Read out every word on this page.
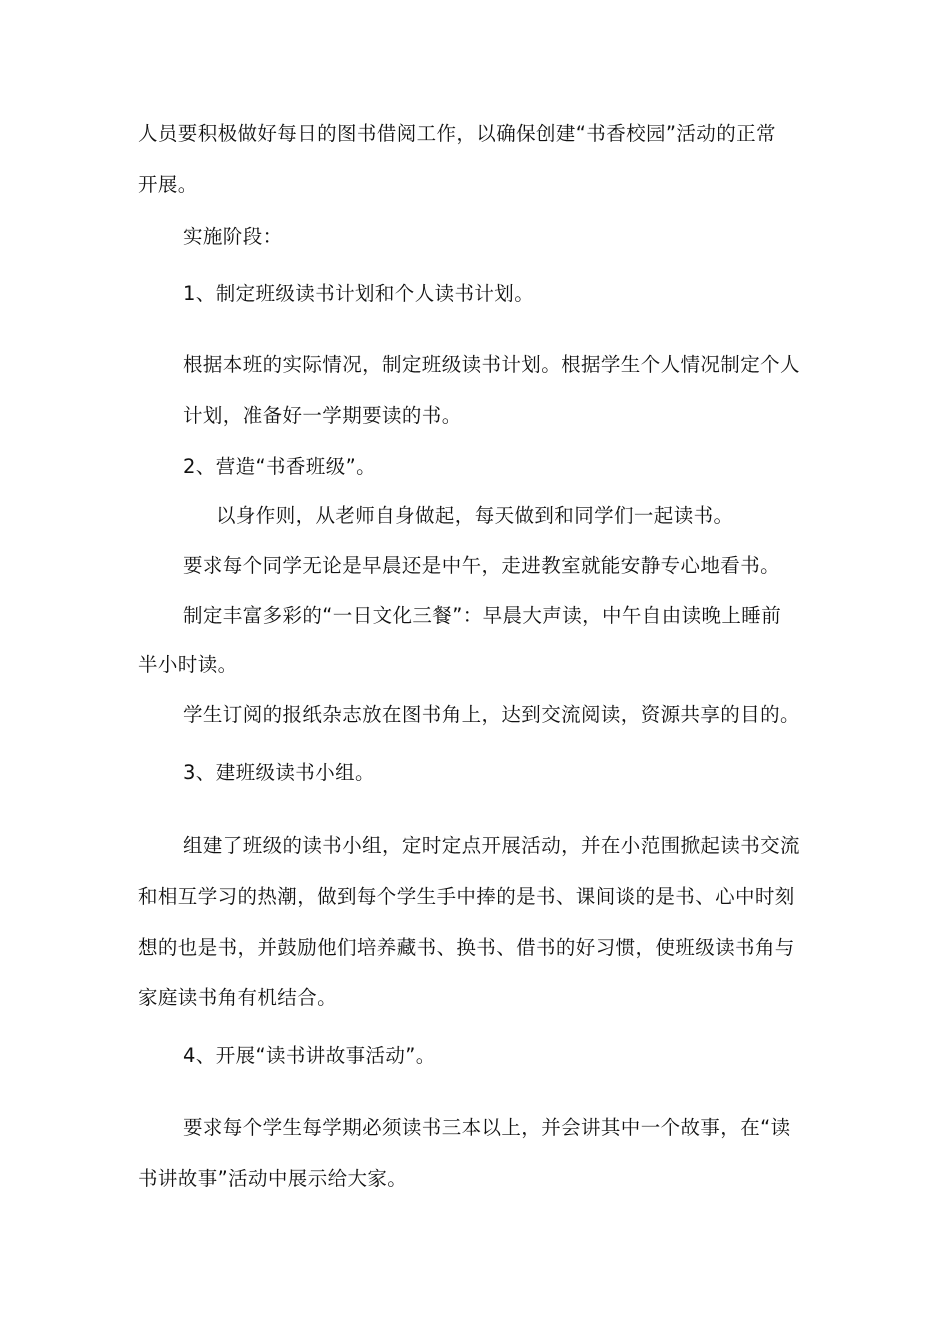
人员要积极做好每日的图书借阅工作，以确保创建“书香校园”活动的正常
开展。
实施阶段：
1、制定班级读书计划和个人读书计划。
根据本班的实际情况，制定班级读书计划。根据学生个人情况制定个人
计划，准备好一学期要读的书。
2、营造“书香班级”。
以身作则，从老师自身做起，每天做到和同学们一起读书。
要求每个同学无论是早晨还是中午，走进教室就能安静专心地看书。
制定丰富多彩的“一日文化三餐”：早晨大声读，中午自由读晚上睡前
半小时读。
学生订阅的报纸杂志放在图书角上，达到交流阅读，资源共享的目的。
3、建班级读书小组。
组建了班级的读书小组，定时定点开展活动，并在小范围掀起读书交流
和相互学习的热潮，做到每个学生手中捧的是书、课间谈的是书、心中时刻
想的也是书，并鼓励他们培养藏书、换书、借书的好习惯，使班级读书角与
家庭读书角有机结合。
4、开展“读书讲故事活动”。
要求每个学生每学期必须读书三本以上，并会讲其中一个故事，在“读
书讲故事”活动中展示给大家。
